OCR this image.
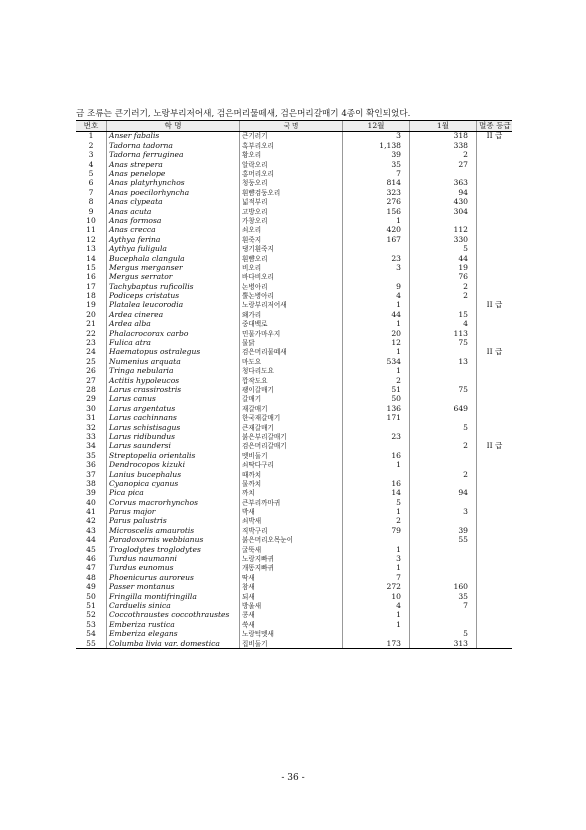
금 조류는 큰기러기, 노랑부리저어새, 검은머리물떼새, 검은머리갈매기 4종이 확인되었다.
번호	학 명	국 명	12월	1월	멸종 등급
1	Anser fabalis	큰기러기	3	318	II 급
2	Tadorna tadorna	혹부리오리	1,138	338	
3	Tadorna ferruginea	황오리	39	2	
4	Anas strepera	알락오리	35	27	
5	Anas penelope	홍머리오리	7		
6	Anas platyrhynchos	청둥오리	814	363	
7	Anas poecilorhyncha	흰뺨검둥오리	323	94	
8	Anas clypeata	넓적부리	276	430	
9	Anas acuta	고방오리	156	304	
10	Anas formosa	가창오리	1		
11	Anas crecca	쇠오리	420	112	
12	Aythya ferina	흰죽지	167	330	
13	Aythya fuligula	댕기흰죽지		5	
14	Bucephala clangula	흰뺨오리	23	44	
15	Mergus merganser	비오리	3	19	
16	Mergus serrator	바다비오리		76	
17	Tachybaptus ruficollis	논병아리	9	2	
18	Podiceps cristatus	뿔논병아리	4	2	
19	Platalea leucorodia	노랑부리저어새	1		II 급
20	Ardea cinerea	왜가리	44	15	
21	Ardea alba	중대백로	1	4	
22	Phalacrocorax carbo	민물가마우지	20	113	
23	Fulica atra	물닭	12	75	
24	Haematopus ostralegus	검은머리물떼새	1		II 급
25	Numenius arquata	마도요	534	13	
26	Tringa nebularia	청다리도요	1		
27	Actitis hypoleucos	깝작도요	2		
28	Larus crassirostris	괭이갈매기	51	75	
29	Larus canus	갈매기	50		
30	Larus argentatus	재갈매기	136	649	
31	Larus cachinnans	한국재갈매기	171		
32	Larus schistisagus	큰재갈매기		5	
33	Larus ridibundus	붉은부리갈매기	23		
34	Larus saundersi	검은머리갈매기		2	II 급
35	Streptopelia orientalis	멧비둘기	16		
36	Dendrocopos kizuki	쇠딱다구리	1		
37	Lanius bucephalus	때까치		2	
38	Cyanopica cyanus	물까치	16		
39	Pica pica	까치	14	94	
40	Corvus macrorhynchos	큰부리까마귀	5		
41	Parus major	박새	1	3	
42	Parus palustris	쇠박새	2		
43	Microscelis amaurotis	직박구리	79	39	
44	Paradoxornis webbianus	붉은머리오목눈이		55	
45	Troglodytes troglodytes	굴뚝새	1		
46	Turdus naumanni	노랑지빠귀	3		
47	Turdus eunomus	개똥지빠귀	1		
48	Phoenicurus auroreus	딱새	7		
49	Passer montanus	참새	272	160	
50	Fringilla montifringilla	되새	10	35	
51	Carduelis sinica	방울새	4	7	
52	Coccothraustes coccothraustes	콩새	1		
53	Emberiza rustica	쑥새	1		
54	Emberiza elegans	노랑턱멧새		5	
55	Columba livia var. domestica	집비둘기	173	313	
- 36 -
